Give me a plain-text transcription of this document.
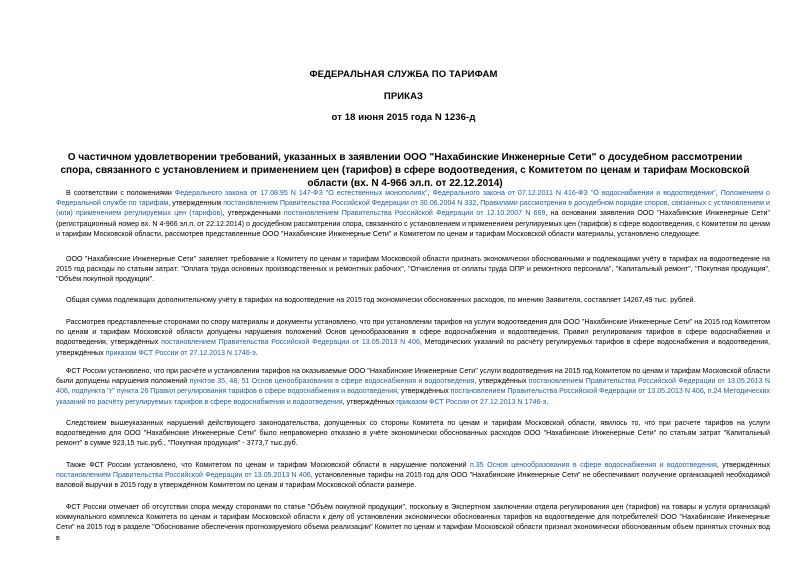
ФЕДЕРАЛЬНАЯ СЛУЖБА ПО ТАРИФАМ
ПРИКАЗ
от 18 июня 2015 года N 1236-д
О частичном удовлетворении требований, указанных в заявлении ООО "Нахабинские Инженерные Сети" о досудебном рассмотрении спора, связанного с установлением и применением цен (тарифов) в сфере водоотведения, с Комитетом по ценам и тарифам Московской области (вх. N 4-966 эл.п. от 22.12.2014)
В соответствии с положениями Федерального закона от 17.08.95 N 147-ФЗ "О естественных монополиях", Федерального закона от 07.12.2011 N 416-ФЗ "О водоснабжении и водоотведении", Положением о Федеральной службе по тарифам, утвержденным постановлением Правительства Российской Федерации от 30.06.2004 N 332, Правилами рассмотрения в досудебном порядке споров, связанных с установлением и (или) применением регулируемых цен (тарифов), утвержденными постановлением Правительства Российской Федерации от 12.10.2007 N 669, на основании заявления ООО "Нахабинские Инженерные Сети" (регистрационный номер вх. N 4-966 эл.п. от 22.12.2014) о досудебном рассмотрении спора, связанного с установлением и применением регулируемых цен (тарифов) в сфере водоотведения, с Комитетом по ценам и тарифам Московской области, рассмотрев представленные ООО "Нахабинские Инженерные Сети" и Комитетом по ценам и тарифам Московской области материалы, установлено следующее.
ООО "Нахабинские Инженерные Сети" заявляет требование к Комитету по ценам и тарифам Московской области признать экономически обоснованными и подлежащими учёту в тарифах на водоотведение на 2015 год расходы по статьям затрат: "Оплата труда основных производственных и ремонтных рабочих", "Отчисления от оплаты труда ОПР и ремонтного персонала", "Капитальный ремонт", "Покупная продукция", "Объём покупной продукции".
Общая сумма подлежащих дополнительному учёту в тарифах на водоотведение на 2015 год экономически обоснованных расходов, по мнению Заявителя, составляет 14267,49 тыс. рублей.
Рассмотрев представленные сторонами по спору материалы и документы установлено, что при установлении тарифов на услуги водоотведения для ООО "Нахабинские Инженерные Сети" на 2015 год Комитетом по ценам и тарифам Московской области допущены нарушения положений Основ ценообразования в сфере водоснабжения и водоотведения, Правил регулирования тарифов в сфере водоснабжения и водоотведения, утверждённых постановлением Правительства Российской Федерации от 13.05.2013 N 406, Методических указаний по расчёту регулируемых тарифов в сфере водоснабжения и водоотведения, утверждённых приказом ФСТ России от 27.12.2013 N 1746-э.
ФСТ России установлено, что при расчёте и установлении тарифов на оказываемые ООО "Нахабинские Инженерные Сети" услуги водоотведения на 2015 год Комитетом по ценам и тарифам Московской области были допущены нарушения положений пунктов 35, 48, 51 Основ ценообразования в сфере водоснабжения и водоотведения, утверждённых постановлением Правительства Российской Федерации от 13.05.2013 N 406, подпункта "г" пункта 26 Правил регулирования тарифов в сфере водоснабжения и водоотведения, утверждённых постановлением Правительства Российской Федерации от 13.05.2013 N 406, п.24 Методических указаний по расчёту регулируемых тарифов в сфере водоснабжения и водоотведения, утверждённых приказом ФСТ России от 27.12.2013 N 1746-э.
Следствием вышеуказанных нарушений действующего законодательства, допущенных со стороны Комитета по ценам и тарифам Московской области, явилось то, что при расчете тарифов на услуги водоотведения для ООО "Нахабинские Инженерные Сети" было неправомерно отказано в учёте экономически обоснованных расходов ООО "Нахабинские Инженерные Сети" по статьям затрат "Капитальный ремонт" в сумме 923,15 тыс.руб., "Покупная продукция" - 3773,7 тыс.руб.
Также ФСТ России установлено, что Комитетом по ценам и тарифам Московской области в нарушение положений п.35 Основ ценообразования в сфере водоснабжения и водоотведения, утверждённых постановлением Правительства Российской Федерации от 13.05.2013 N 406, установленные тарифы на 2015 год для ООО "Нахабинские Инженерные Сети" не обеспечивают получение организацией необходимой валовой выручки в 2015 году в утверждённом Комитетом по ценам и тарифам Московской области размере.
ФСТ России отмечает об отсутствии спора между сторонами по статье "Объём покупной продукции", поскольку в Экспертном заключении отдела регулирования цен (тарифов) на товары и услуги организаций коммунального комплекса Комитета по ценам и тарифам Московской области к делу об установлении экономически обоснованных тарифов на водоотведение для потребителей ООО "Нахабинские Инженерные Сети" на 2015 год в разделе "Обоснование обеспечения прогнозируемого объема реализации" Комитет по ценам и тарифам Московской области признал экономически обоснованным объем принятых сточных вод в
